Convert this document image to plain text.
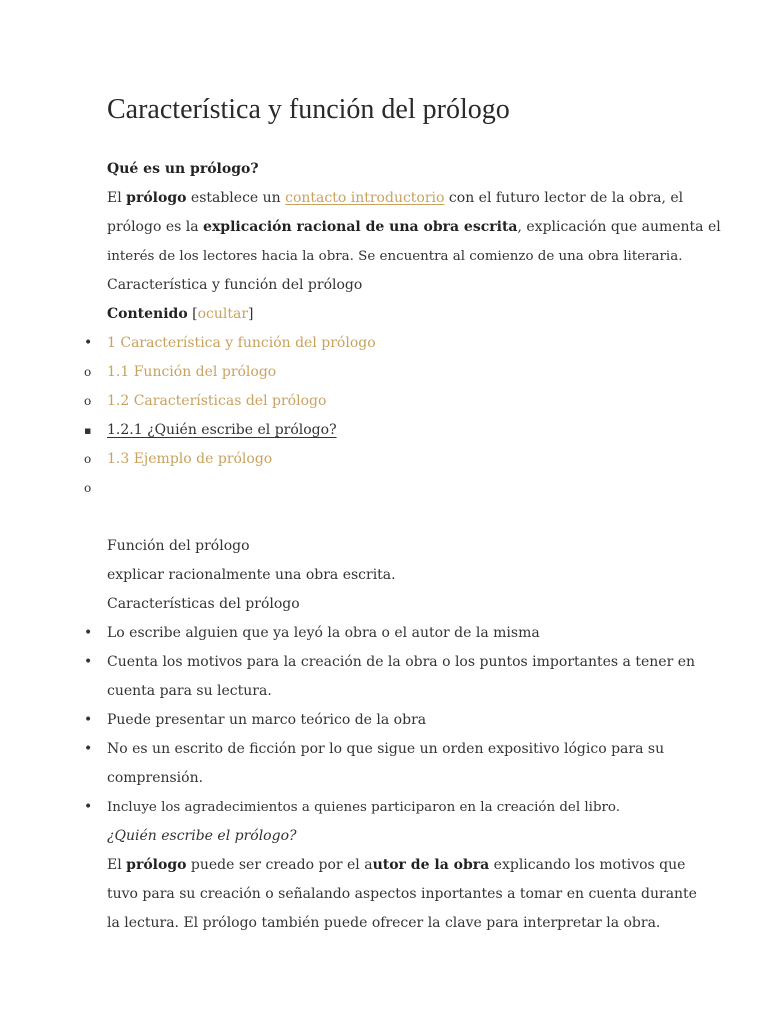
Característica y función del prólogo
Qué es un prólogo?
El prólogo establece un contacto introductorio con el futuro lector de la obra, el
prólogo es la explicación racional de una obra escrita, explicación que aumenta el
interés de los lectores hacia la obra. Se encuentra al comienzo de una obra literaria.
Característica y función del prólogo
Contenido [ocultar]
• 1 Característica y función del prólogo
o	1.1 Función del prólogo
o	1.2 Características del prólogo
▪	1.2.1 ¿Quién escribe el prólogo?
o	1.3 Ejemplo de prólogo
o
Función del prólogo
explicar racionalmente una obra escrita.
Características del prólogo
• Lo escribe alguien que ya leyó la obra o el autor de la misma
• Cuenta los motivos para la creación de la obra o los puntos importantes a tener en
cuenta para su lectura.
• Puede presentar un marco teórico de la obra
• No es un escrito de ficción por lo que sigue un orden expositivo lógico para su
comprensión.
• Incluye los agradecimientos a quienes participaron en la creación del libro.
¿Quién escribe el prólogo?
El prólogo puede ser creado por el autor de la obra explicando los motivos que
tuvo para su creación o señalando aspectos inportantes a tomar en cuenta durante
la lectura. El prólogo también puede ofrecer la clave para interpretar la obra.
